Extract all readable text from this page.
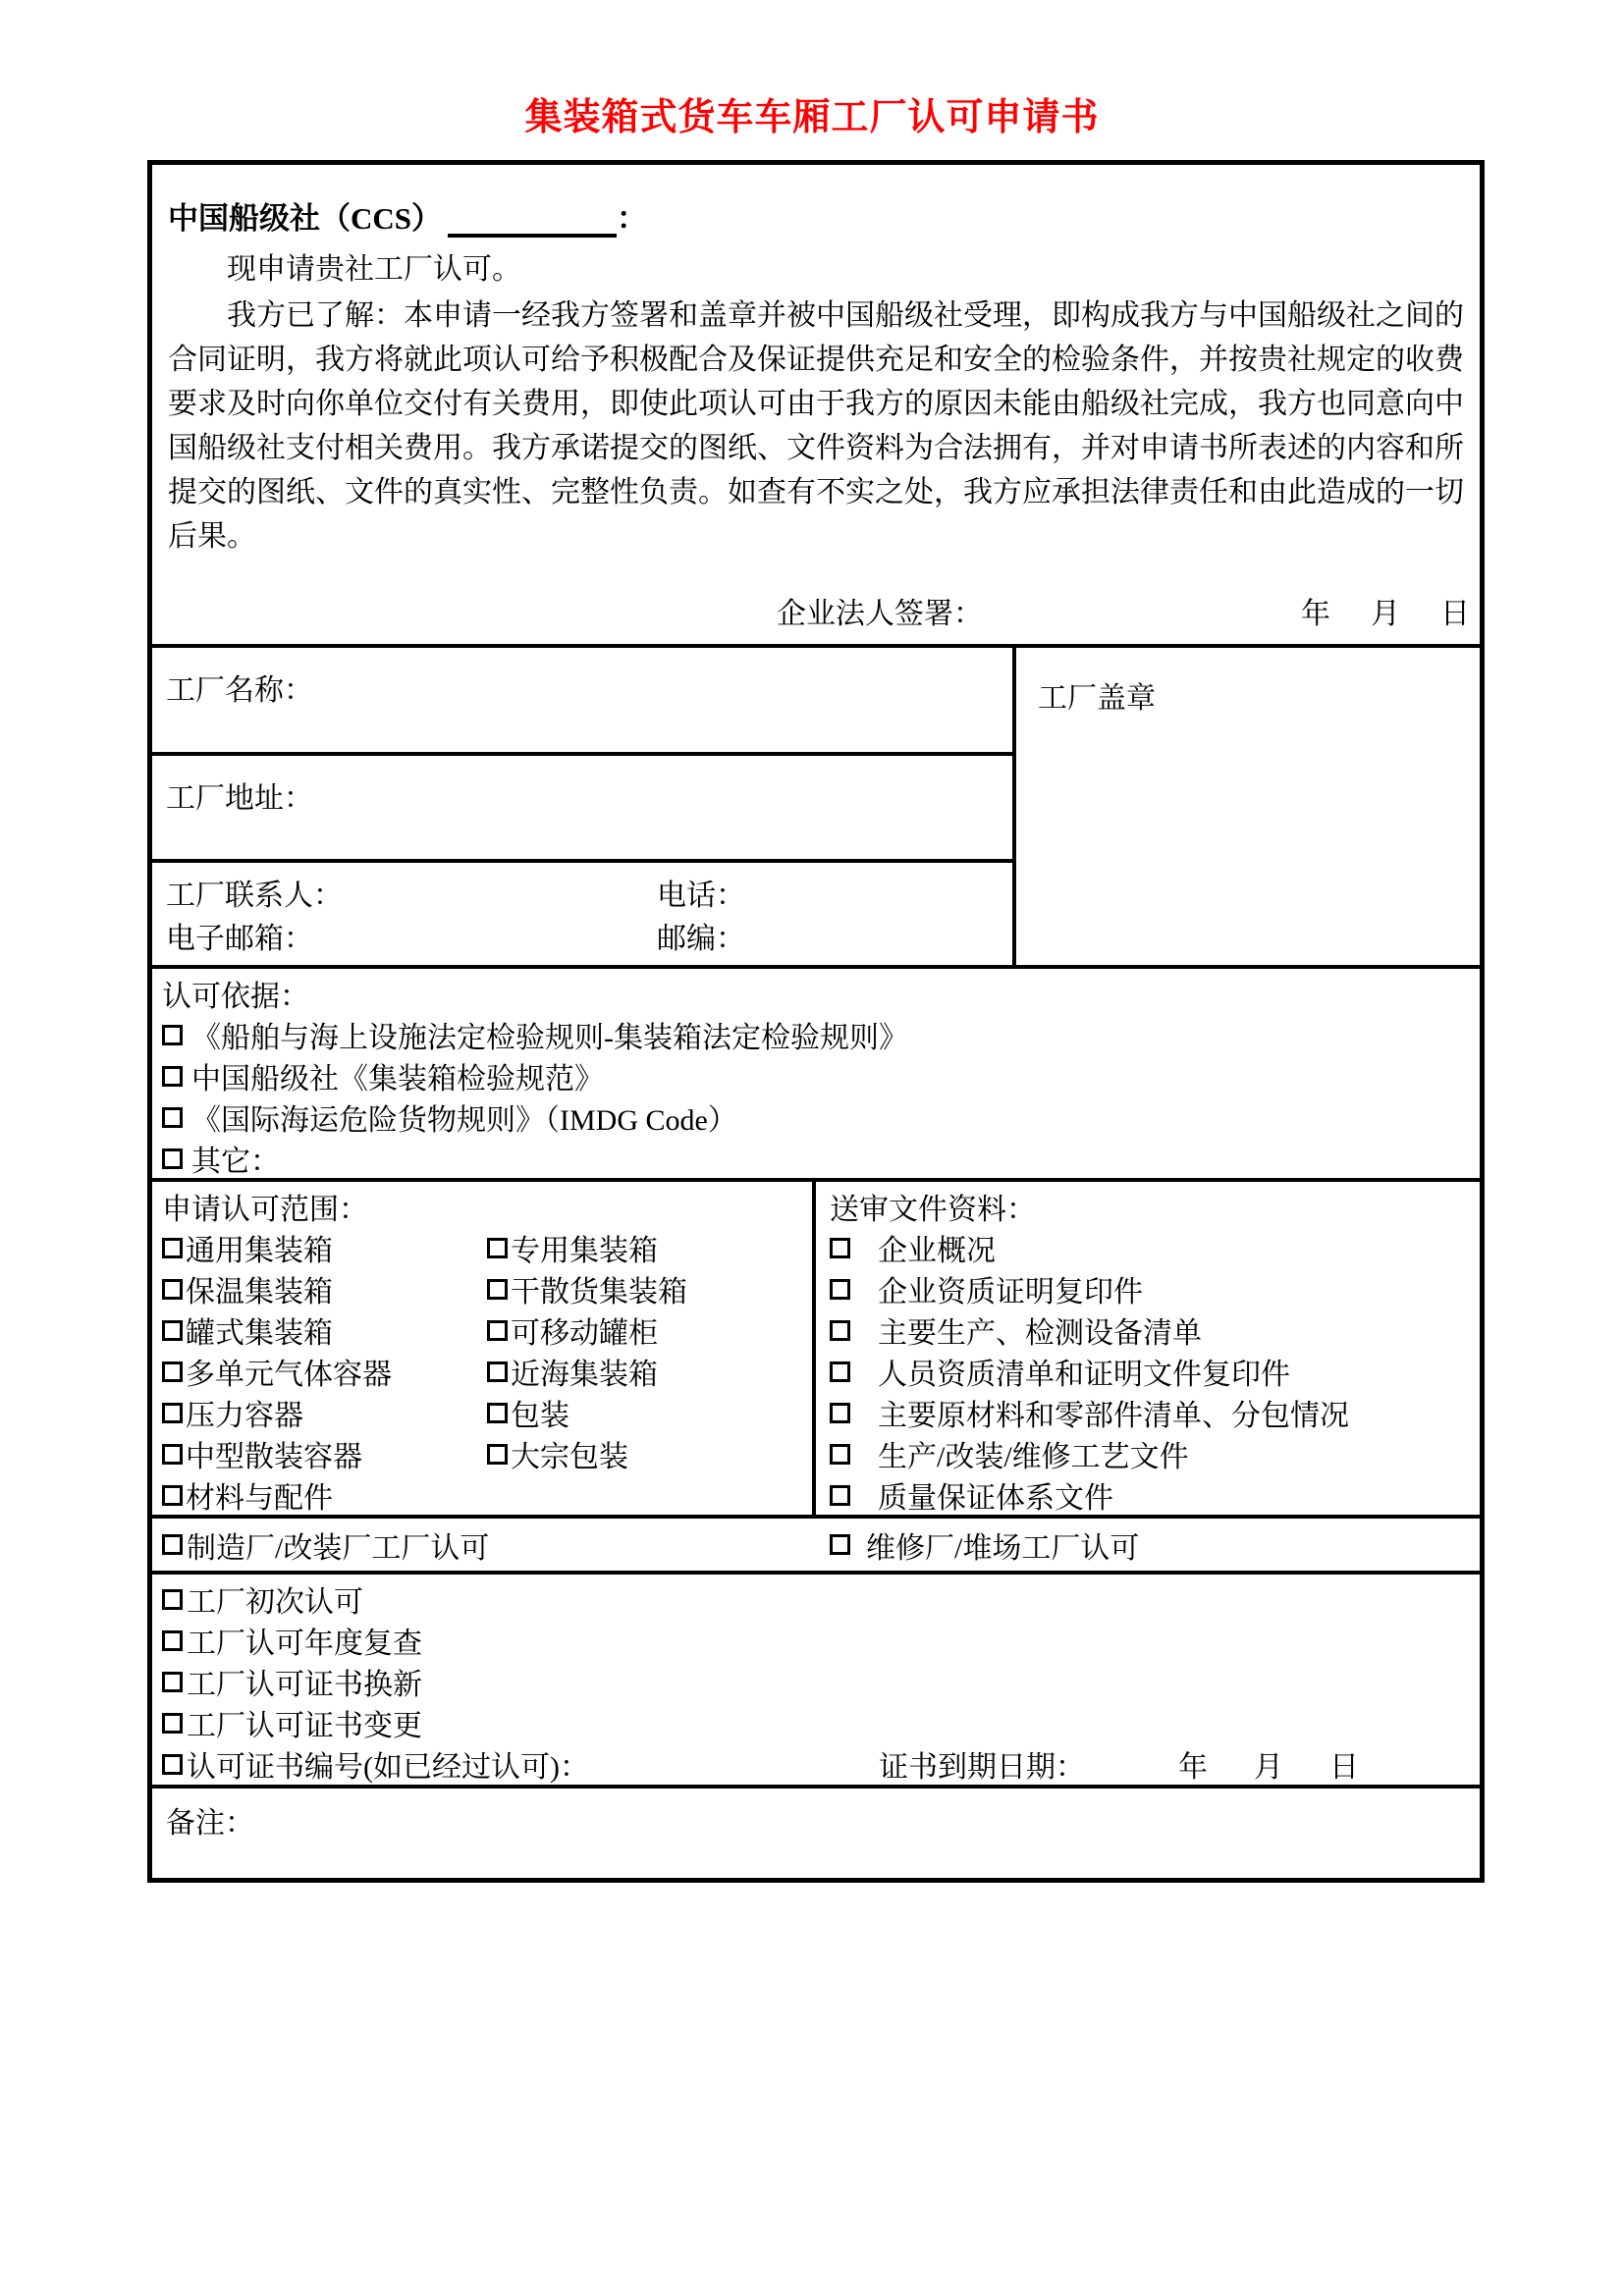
集装箱式货车车厢工厂认可申请书
中国船级社（CCS）	：
现申请贵社工厂认可。
我方已了解：本申请一经我方签署和盖章并被中国船级社受理，即构成我方与中国船级社之间的合同证明，我方将就此项认可给予积极配合及保证提供充足和安全的检验条件，并按贵社规定的收费要求及时向你单位交付有关费用，即使此项认可由于我方的原因未能由船级社完成，我方也同意向中国船级社支付相关费用。我方承诺提交的图纸、文件资料为合法拥有，并对申请书所表述的内容和所提交的图纸、文件的真实性、完整性负责。如查有不实之处，我方应承担法律责任和由此造成的一切后果。
企业法人签署：	年 月 日
工厂名称：
工厂地址：
工厂联系人：	电话：
电子邮箱：	邮编：
工厂盖章
认可依据：
《船舶与海上设施法定检验规则-集装箱法定检验规则》
中国船级社《集装箱检验规范》
《国际海运危险货物规则》（IMDG Code）
其它：
申请认可范围：
通用集装箱	专用集装箱
保温集装箱	干散货集装箱
罐式集装箱	可移动罐柜
多单元气体容器	近海集装箱
压力容器	包装
中型散装容器	大宗包装
材料与配件
送审文件资料：
企业概况
企业资质证明复印件
主要生产、检测设备清单
人员资质清单和证明文件复印件
主要原材料和零部件清单、分包情况
生产/改装/维修工艺文件
质量保证体系文件
制造厂/改装厂工厂认可	维修厂/堆场工厂认可
工厂初次认可
工厂认可年度复查
工厂认可证书换新
工厂认可证书变更
认可证书编号(如已经过认可)：	证书到期日期：	年 月 日
备注：
